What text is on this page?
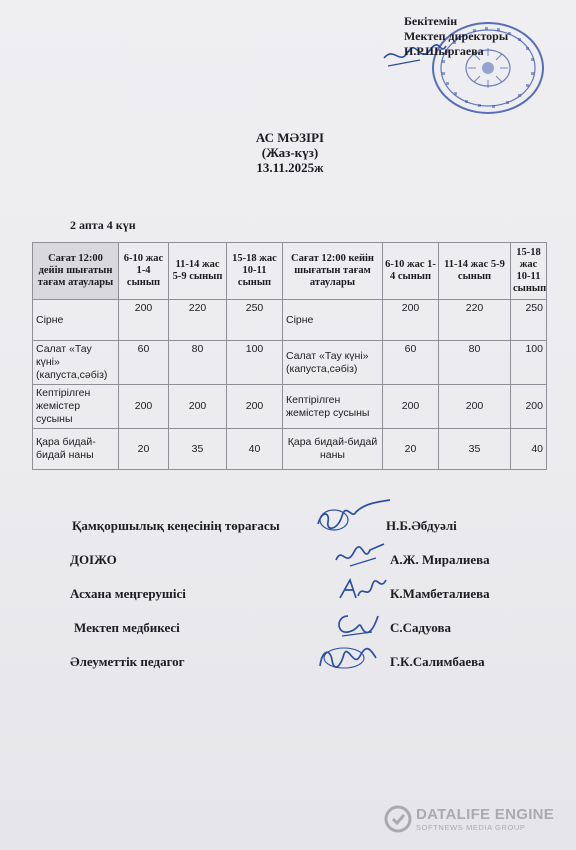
Бекітемін
Мектеп директоры
Н.Р.Шыргаева
АС МӘЗІРІ
(Жаз-күз)
13.11.2025ж
2 апта 4 күн
Сағат 12:00 дейін шығатын тағам атаулары	6-10 жас 1-4 сынып	11-14 жас 5-9 сынып	15-18 жас 10-11 сынып	Сағат 12:00 кейін шығатын тағам атаулары	6-10 жас 1-4 сынып	11-14 жас 5-9 сынып	15-18 жас 10-11 сынып
Сірне	200	220	250	Сірне	200	220	250
Салат «Тау күні» (капуста,сәбіз)	60	80	100	Салат «Тау күні» (капуста,сәбіз)	60	80	100
Кептірілген жемістер сусыны	200	200	200	Кептірілген жемістер сусыны	200	200	200
Қара бидай-бидай наны	20	35	40	Қара бидай-бидай наны	20	35	40
Қамқоршылық кеңесінің төрағасы	Н.Б.Әбдуәлі
ДОІЖО	А.Ж. Миралиева
Асхана меңгерушісі	К.Мамбеталиева
Мектеп медбикесі	С.Садуова
Әлеуметтік педагог	Г.К.Салимбаева
DATALIFE ENGINE
SOFTNEWS MEDIA GROUP
